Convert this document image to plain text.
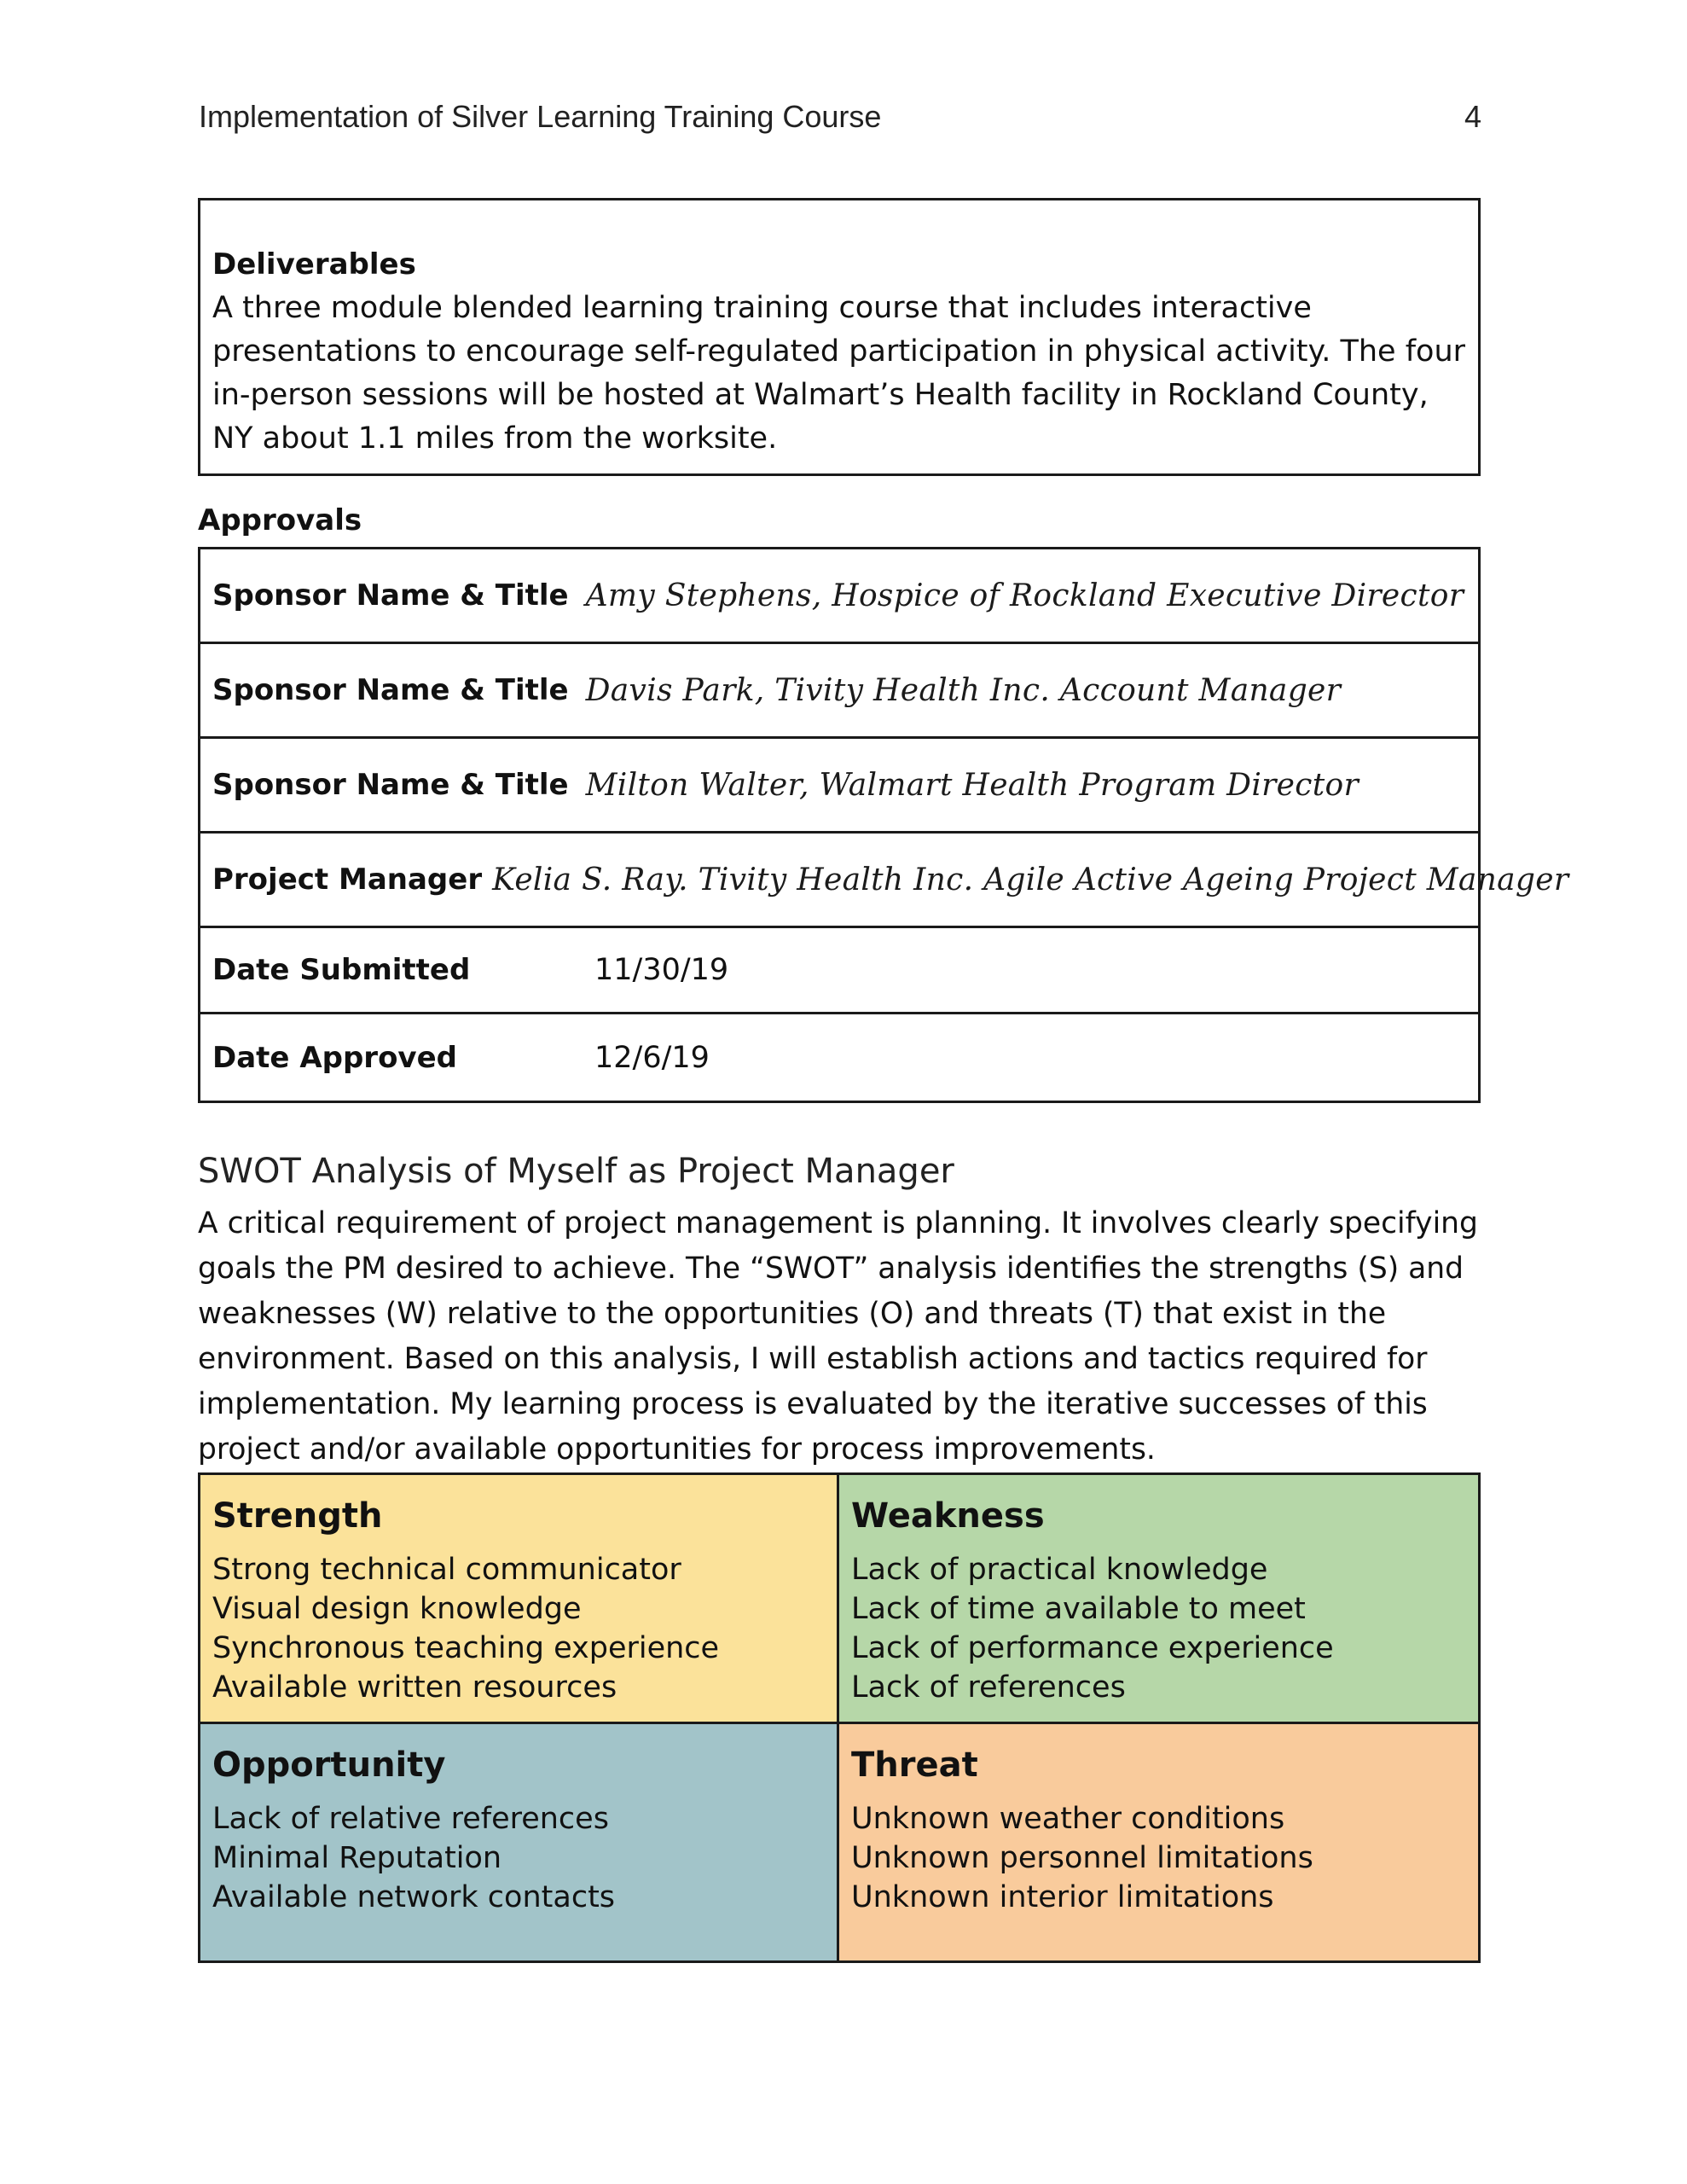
Implementation of Silver Learning Training Course	4
Deliverables

A three module blended learning training course that includes interactive presentations to encourage self-regulated participation in physical activity. The four in-person sessions will be hosted at Walmart’s Health facility in Rockland County, NY about 1.1 miles from the worksite.

Approvals
Sponsor Name & Title Amy Stephens, Hospice of Rockland Executive Director
Sponsor Name & Title Davis Park, Tivity Health Inc. Account Manager
Sponsor Name & Title Milton Walter, Walmart Health Program Director
Project Manager Kelia S. Ray. Tivity Health Inc. Agile Active Ageing Project Manager
Date Submitted	11/30/19
Date Approved	12/6/19
SWOT Analysis of Myself as Project Manager

A critical requirement of project management is planning. It involves clearly specifying goals the PM desired to achieve. The “SWOT” analysis identifies the strengths (S) and weaknesses (W) relative to the opportunities (O) and threats (T) that exist in the environment. Based on this analysis, I will establish actions and tactics required for implementation. My learning process is evaluated by the iterative successes of this project and/or available opportunities for process improvements.

Strength
Strong technical communicator
Visual design knowledge
Synchronous teaching experience
Available written resources
Weakness
Lack of practical knowledge
Lack of time available to meet
Lack of performance experience
Lack of references
Opportunity
Lack of relative references
Minimal Reputation
Available network contacts
Threat
Unknown weather conditions
Unknown personnel limitations
Unknown interior limitations
